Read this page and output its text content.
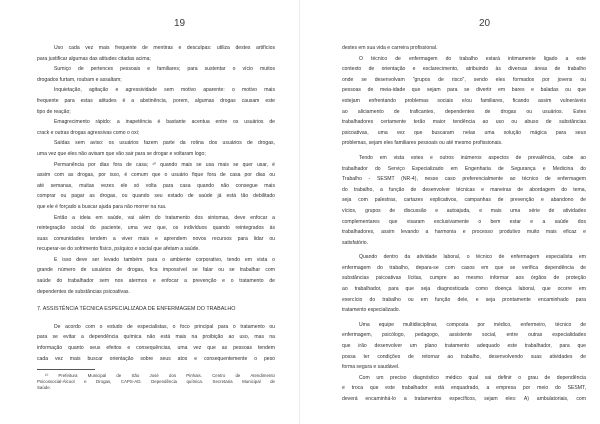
19
Uso cada vez mais frequente de mentiras e desculpas: utiliza destes artifícios
para justificar algumas das atitudes citadas acima;
Sumiço de pertences pessoais e familiares; para sustentar o vício muitos
drogados furtam, roubam e assaltam;
Inquietação, agitação e agressividade sem motivo aparente: o motivo mais
frequente para estas atitudes é a abstinência, porem, algumas drogas causam este
tipo de reação;
Emagrecimento rápido: a inapetência é bastante acentua entre os usuários de
crack e outras drogas agressivas como o oxi;
Saídas sem aviso: os usuários fazem parte da rotina dos usuários de drogas,
uma vez que eles não avisam que vão sair para se drogar e voltaram logo;
Permanência por dias fora de casa; ¹⁰ quando mais se usa mais se quer usar, é
assim com as drogas, por isso, é comum que o usuário fique fora de casa por dias ou
até semanas, muitas vezes ele só volta para casa quando não consegue mais
comprar ou pagar as drogas, ou quando seu estado de saúde já está tão debilitado
que ele é forçado a buscar ajuda para não morrer na rua.
Então a ideia em saúde, vai além do tratamento dos sintomas, deve enfocar a
reintegração social do paciente, uma vez que, os indivíduos quando reintegrados às
suas comunidades tendem a viver mais e aprendem novos recursos para lidar ou
recuperar-se do sofrimento físico, psíquico e social que afetam a saúde.
E isso deve ser levado também para o ambiente corporativo, tendo em vista o
grande número de usuários de drogas, fica impossível se falar ou se trabalhar com
saúde do trabalhador sem nos atermos e enfocar a prevenção e o tratamento de
dependentes de substâncias psicoativas.
7. ASSISTÊNCIA TÉCNICA ESPECIALIZADA DE ENFERMAGEM DO TRABALHO
De acordo com o estudo de especialistas, o foco principal para o tratamento ou
para se evitar a dependência química não está mais na proibição ao uso, mas na
informação quanto seus efeitos e consequências, uma vez que as pessoas tendem
cada vez mais buscar orientação sobre seus atos e consequentemente o peso
¹⁰ Prefeitura Municipal de São José dos Pinhais. Centro de Atendimento
Psicossocial-Álcool e Drogas, CAPS-AD. Dependência química. Secretaria Municipal de
Saúde.
20
destes em sua vida e carreira profissional.
O técnico de enfermagem do trabalho estará intimamente ligado a este
contexto de orientação e esclarecimento, atribuindo às diversas áreas de trabalho
onde se desenvolvam "grupos de risco", sendo eles formados por jovens ou
pessoas de meia-idade que sejam para se divertir em bares e baladas ou que
estejam enfrentando problemas sociais e/ou familiares, ficando assim vulneráveis
ao aliciamento de traficantes, dependentes de drogas ou usuários. Estes
trabalhadores certamente terão maior tendência ao uso ou abuso de substâncias
psicoativas, uma vez que buscaram nelas uma solução mágica para seus
problemas, sejam eles familiares pessoais ou até mesmo profissionais.
Tendo em vista estes e outros inúmeros aspectos de prevalência, cabe ao
trabalhador do Serviço Especializado em Engenharia de Segurança e Medicina do
Trabalho - SESMT (NR-4), nesse caso preferencialmente ao técnico de enfermagem
do trabalho, a função de desenvolver técnicas e maneiras de abordagem do tema,
seja com palestras, cartazes explicativos, campanhas de prevenção e abandono de
vícios, grupos de discussão e autoajuda, e mais uma série de atividades
complementares que visaram exclusivamente o bem estar e a saúde dos
trabalhadores, assim levando a harmonia e processo produtivo muito mais eficaz e
satisfatório.
Quando dentro da atividade laboral, o técnico de enfermagem especialista em
enfermagem do trabalho, depara-se com casos em que se verifica dependência de
substâncias psicoativas lícitas, cumpre ao mesmo informar aos órgãos de proteção
ao trabalhador, para que seja diagnosticada como doença laboral, que ocorre em
exercício do trabalho ou em função dele, e seja prontamente encaminhado para
tratamento especializado.
Uma equipe multidisciplinar, composta por médico, enfermeiro, técnico de
enfermagem, psicólogo, pedagogo, assistente social, entre outras especialidades
que irão desenvolver um plano tratamento adequado este trabalhador, para que
possa ter condições de retornar ao trabalho, desenvolvendo suas atividades de
forma segura e saudável.
Com um preciso diagnóstico médico qual vai definir o grau de dependência
e troca que este trabalhador está enquadrado, a empresa por meio do SESMT,
deverá encaminhá-lo a tratamentos específicos, sejam eles: A) ambulatoriais, com
